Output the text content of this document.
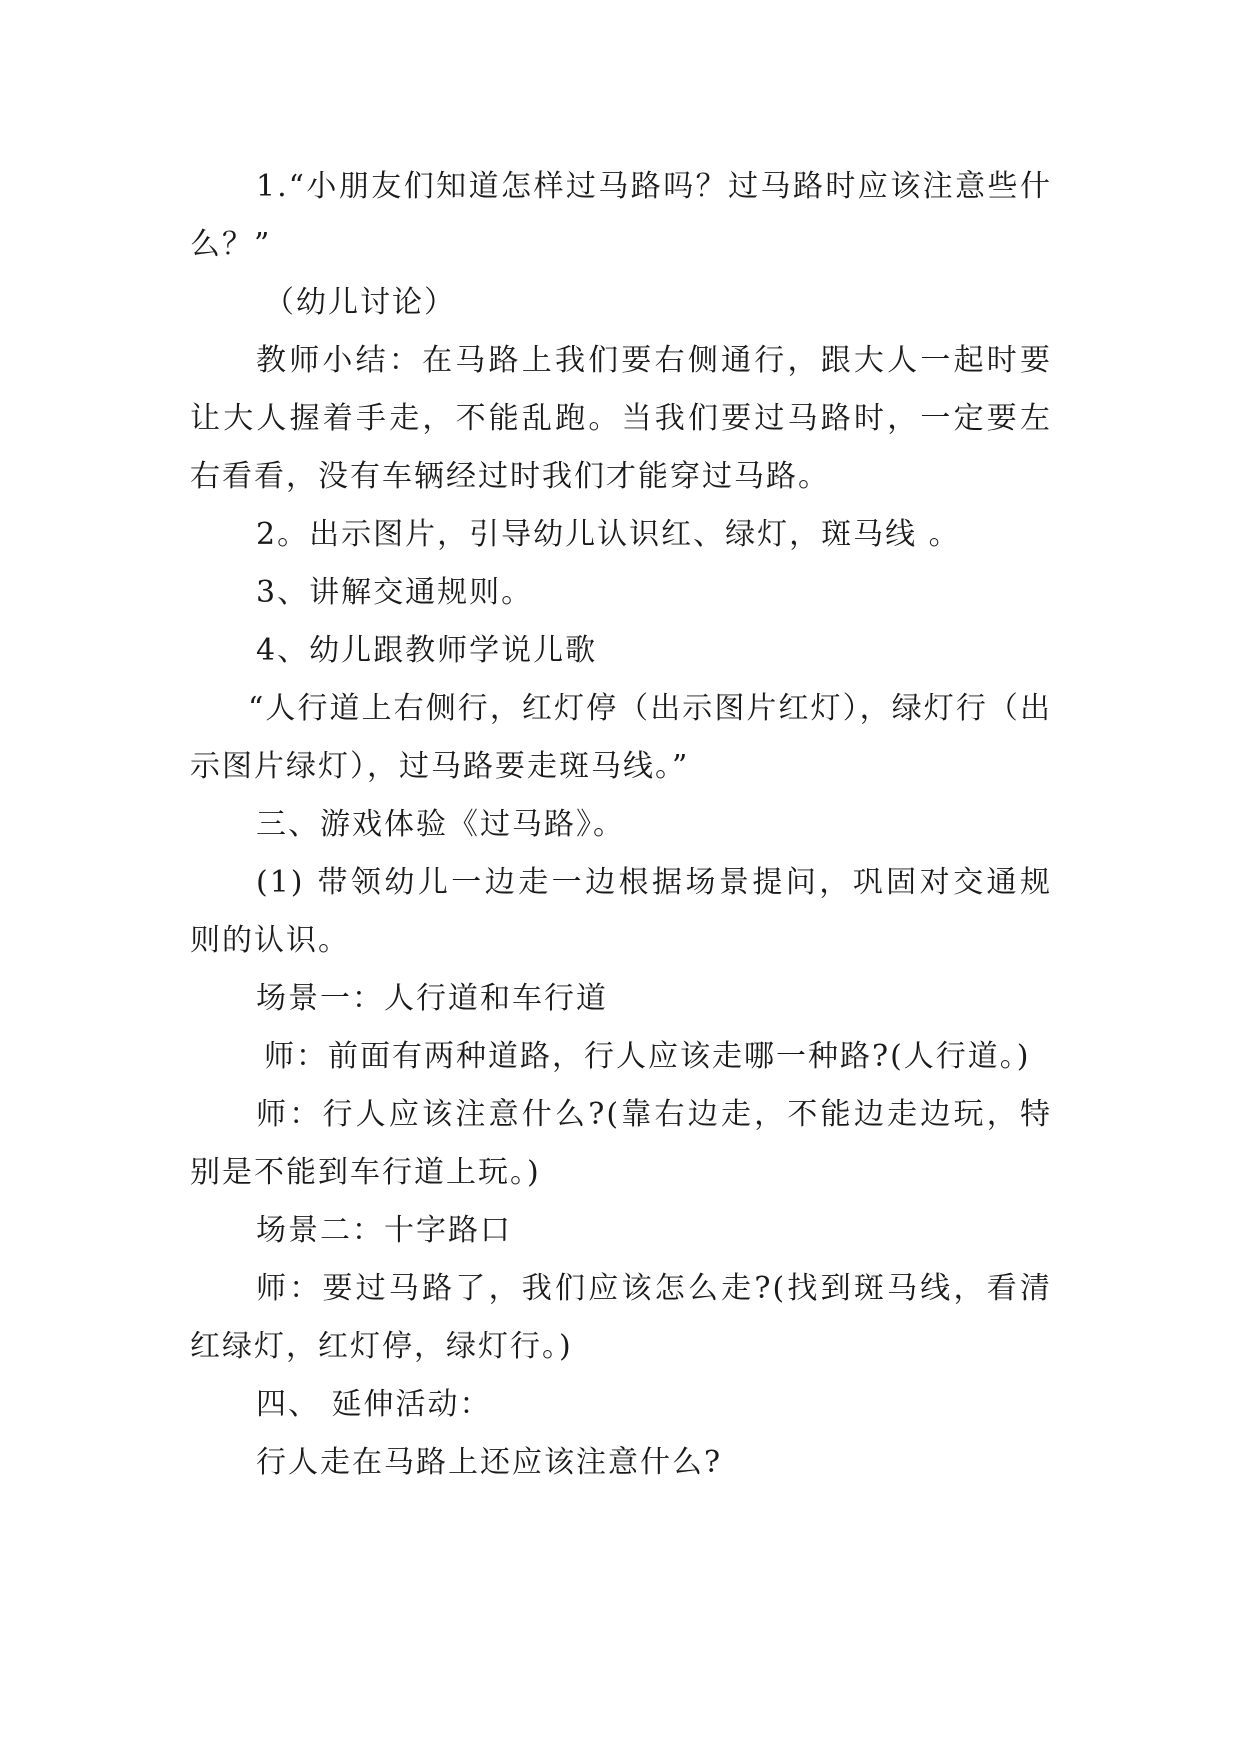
1.“小朋友们知道怎样过马路吗？过马路时应该注意些什么？”

（幼儿讨论）

教师小结：在马路上我们要右侧通行，跟大人一起时要让大人握着手走，不能乱跑。当我们要过马路时，一定要左右看看，没有车辆经过时我们才能穿过马路。

2。出示图片，引导幼儿认识红、绿灯，斑马线 。

3、讲解交通规则。

4、幼儿跟教师学说儿歌

“人行道上右侧行，红灯停（出示图片红灯），绿灯行（出示图片绿灯），过马路要走斑马线。”

三、游戏体验《过马路》。

(1) 带领幼儿一边走一边根据场景提问，巩固对交通规则的认识。

场景一：人行道和车行道

师：前面有两种道路，行人应该走哪一种路?(人行道。)

师：行人应该注意什么?(靠右边走，不能边走边玩，特别是不能到车行道上玩。)

场景二：十字路口

师：要过马路了，我们应该怎么走?(找到斑马线，看清红绿灯，红灯停，绿灯行。)

四、 延伸活动：

行人走在马路上还应该注意什么?
